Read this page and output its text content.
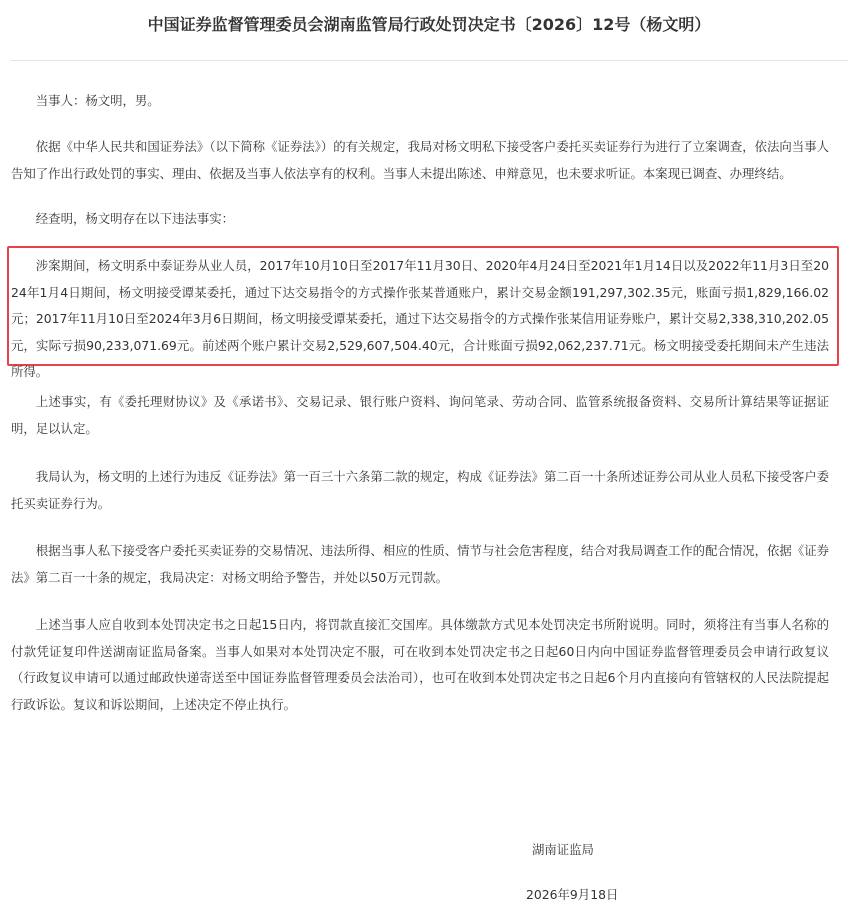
中国证券监督管理委员会湖南监管局行政处罚决定书〔2026〕12号（杨文明）

当事人：杨文明，男。

依据《中华人民共和国证券法》（以下简称《证券法》）的有关规定，我局对杨文明私下接受客户委托买卖证券行为进行了立案调查，依法向当事人告知了作出行政处罚的事实、理由、依据及当事人依法享有的权利。当事人未提出陈述、申辩意见，也未要求听证。本案现已调查、办理终结。

经查明，杨文明存在以下违法事实：

涉案期间，杨文明系中泰证券从业人员，2017年10月10日至2017年11月30日、2020年4月24日至2021年1月14日以及2022年11月3日至2024年1月4日期间，杨文明接受谭某委托，通过下达交易指令的方式操作张某普通账户，累计交易金额191,297,302.35元，账面亏损1,829,166.02元；2017年11月10日至2024年3月6日期间，杨文明接受谭某委托，通过下达交易指令的方式操作张某信用证券账户，累计交易2,338,310,202.05元，实际亏损90,233,071.69元。前述两个账户累计交易2,529,607,504.40元，合计账面亏损92,062,237.71元。杨文明接受委托期间未产生违法所得。

上述事实，有《委托理财协议》及《承诺书》、交易记录、银行账户资料、询问笔录、劳动合同、监管系统报备资料、交易所计算结果等证据证明，足以认定。

我局认为，杨文明的上述行为违反《证券法》第一百三十六条第二款的规定，构成《证券法》第二百一十条所述证券公司从业人员私下接受客户委托买卖证券行为。

根据当事人私下接受客户委托买卖证券的交易情况、违法所得、相应的性质、情节与社会危害程度，结合对我局调查工作的配合情况，依据《证券法》第二百一十条的规定，我局决定：对杨文明给予警告，并处以50万元罚款。

上述当事人应自收到本处罚决定书之日起15日内，将罚款直接汇交国库。具体缴款方式见本处罚决定书所附说明。同时，须将注有当事人名称的付款凭证复印件送湖南证监局备案。当事人如果对本处罚决定不服，可在收到本处罚决定书之日起60日内向中国证券监督管理委员会申请行政复议（行政复议申请可以通过邮政快递寄送至中国证券监督管理委员会法治司），也可在收到本处罚决定书之日起6个月内直接向有管辖权的人民法院提起行政诉讼。复议和诉讼期间，上述决定不停止执行。

湖南证监局
2026年9月18日
